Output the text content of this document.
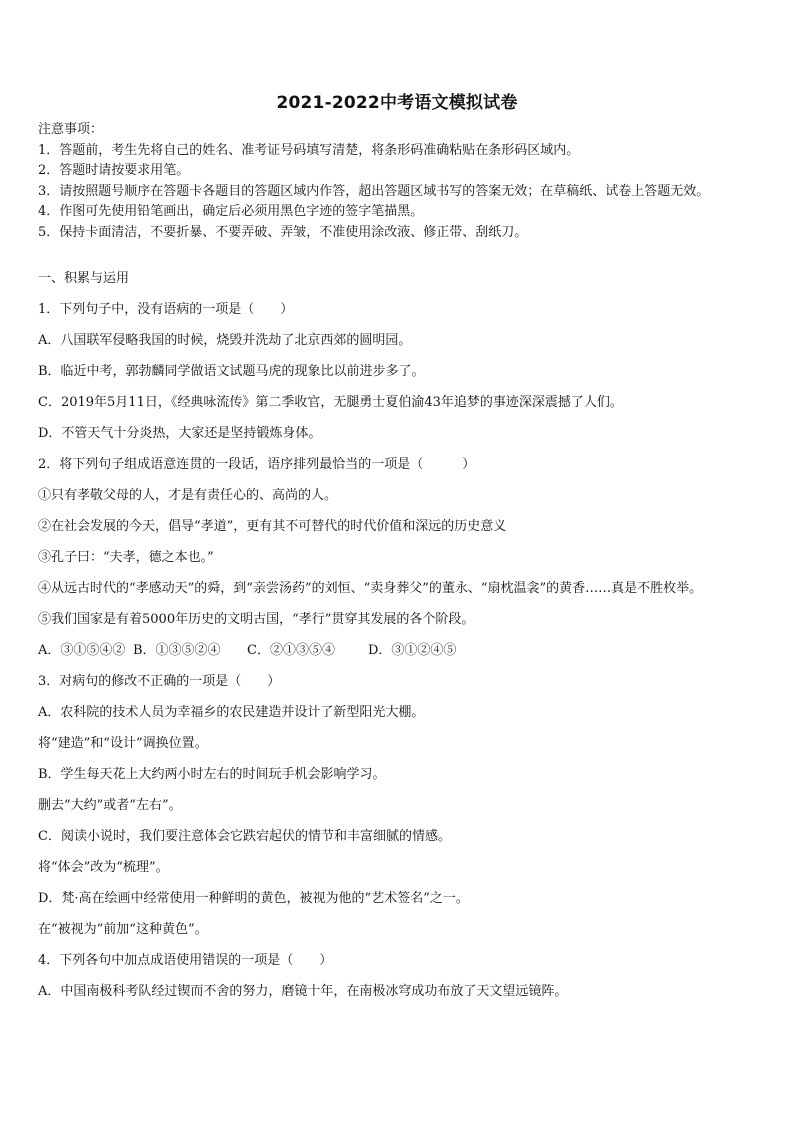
2021-2022中考语文模拟试卷
注意事项：
1．答题前，考生先将自己的姓名、准考证号码填写清楚，将条形码准确粘贴在条形码区域内。
2．答题时请按要求用笔。
3．请按照题号顺序在答题卡各题目的答题区域内作答，超出答题区域书写的答案无效；在草稿纸、试卷上答题无效。
4．作图可先使用铅笔画出，确定后必须用黑色字迹的签字笔描黑。
5．保持卡面清洁，不要折暴、不要弄破、弄皱，不准使用涂改液、修正带、刮纸刀。
一、积累与运用
1．下列句子中，没有语病的一项是（　　）
A．八国联军侵略我国的时候，烧毁并洗劫了北京西郊的圆明园。
B．临近中考，郭勃麟同学做语文试题马虎的现象比以前进步多了。
C．2019年5月11日，《经典咏流传》第二季收官，无腿勇士夏伯渝43年追梦的事迹深深震撼了人们。
D．不管天气十分炎热，大家还是坚持锻炼身体。
2．将下列句子组成语意连贯的一段话，语序排列最恰当的一项是（　　　）
①只有孝敬父母的人，才是有责任心的、高尚的人。
②在社会发展的今天，倡导“孝道”，更有其不可替代的时代价值和深远的历史意义
③孔子曰：“夫孝，德之本也。”
④从远古时代的“孝感动天”的舜，到“亲尝汤药”的刘恒、“卖身葬父”的董永、“扇枕温衾”的黄香……真是不胜枚举。
⑤我们国家是有着5000年历史的文明古国，“孝行”贯穿其发展的各个阶段。
A．③①⑤④② B．①③⑤②④	C．②①③⑤④	D．③①②④⑤
3．对病句的修改不正确的一项是（　　）
A．农科院的技术人员为幸福乡的农民建造并设计了新型阳光大棚。
将“建造”和“设计”调换位置。
B．学生每天花上大约两小时左右的时间玩手机会影响学习。
删去“大约”或者“左右”。
C．阅读小说时，我们要注意体会它跌宕起伏的情节和丰富细腻的情感。
将“体会”改为“梳理”。
D．梵·高在绘画中经常使用一种鲜明的黄色，被视为他的“艺术签名”之一。
在“被视为”前加“这种黄色”。
4．下列各句中加点成语使用错误的一项是（　　）
A．中国南极科考队经过锲而不舍的努力，磨镜十年，在南极冰穹成功布放了天文望远镜阵。
